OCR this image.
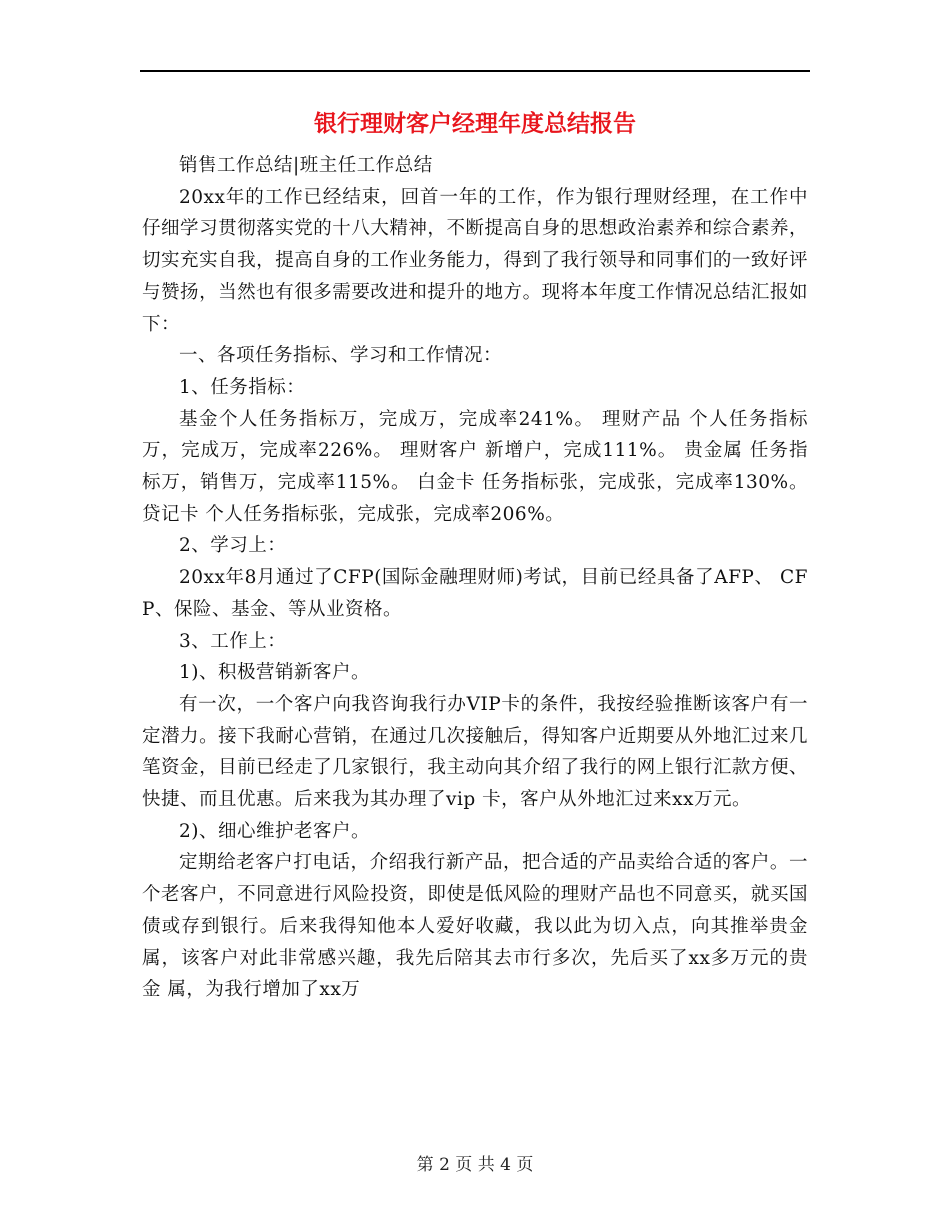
银行理财客户经理年度总结报告

销售工作总结|班主任工作总结

20xx年的工作已经结束，回首一年的工作，作为银行理财经理，在工作中仔细学习贯彻落实党的十八大精神，不断提高自身的思想政治素养和综合素养，切实充实自我，提高自身的工作业务能力，得到了我行领导和同事们的一致好评与赞扬，当然也有很多需要改进和提升的地方。现将本年度工作情况总结汇报如下：

一、各项任务指标、学习和工作情况：

1、任务指标：

基金个人任务指标万，完成万，完成率241%。 理财产品 个人任务指标万，完成万，完成率226%。 理财客户 新增户，完成111%。 贵金属 任务指标万，销售万，完成率115%。 白金卡 任务指标张，完成张，完成率130%。贷记卡 个人任务指标张，完成张，完成率206%。

2、学习上：

20xx年8月通过了CFP(国际金融理财师)考试，目前已经具备了AFP、 CFP、保险、基金、等从业资格。

3、工作上：

1)、积极营销新客户。

有一次，一个客户向我咨询我行办VIP卡的条件，我按经验推断该客户有一 定潜力。接下我耐心营销，在通过几次接触后，得知客户近期要从外地汇过来几 笔资金，目前已经走了几家银行，我主动向其介绍了我行的网上银行汇款方便、 快捷、而且优惠。后来我为其办理了vip 卡，客户从外地汇过来xx万元。

2)、细心维护老客户。

定期给老客户打电话，介绍我行新产品，把合适的产品卖给合适的客户。一 个老客户，不同意进行风险投资，即使是低风险的理财产品也不同意买，就买国 债或存到银行。后来我得知他本人爱好收藏，我以此为切入点，向其推举贵金属，该客户对此非常感兴趣，我先后陪其去市行多次，先后买了xx多万元的贵金 属，为我行增加了xx万

第 2 页 共 4 页
